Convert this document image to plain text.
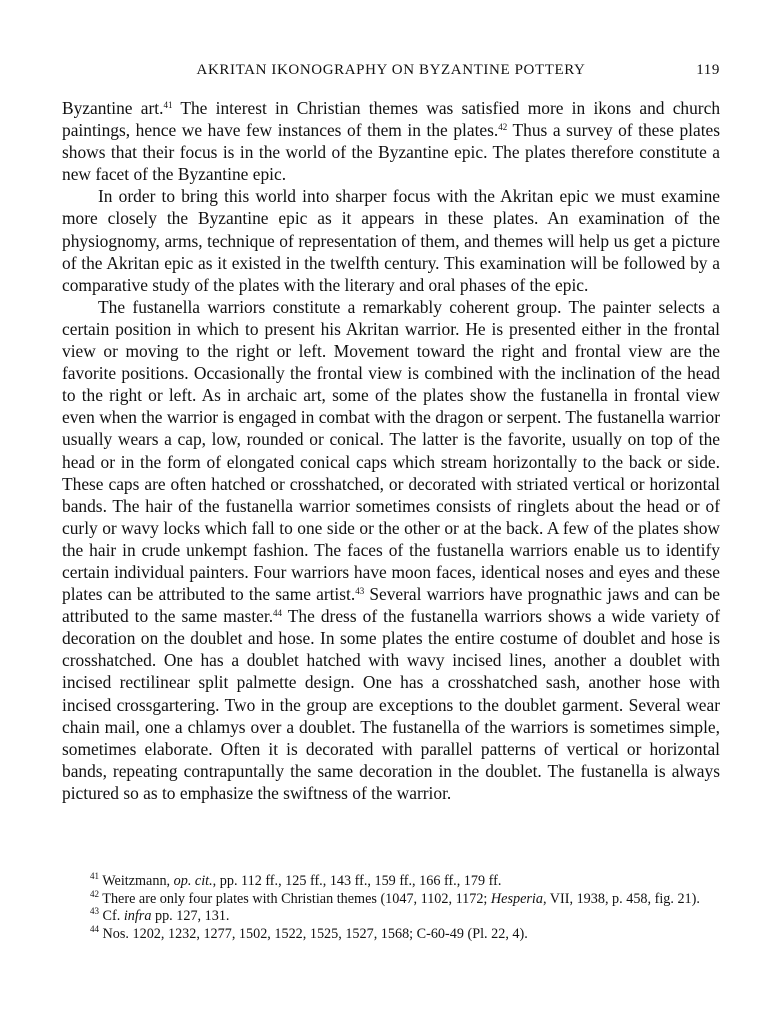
AKRITAN IKONOGRAPHY ON BYZANTINE POTTERY	119

Byzantine art.$^{41}$ The interest in Christian themes was satisfied more in ikons and church paintings, hence we have few instances of them in the plates.$^{42}$ Thus a survey of these plates shows that their focus is in the world of the Byzantine epic. The plates therefore constitute a new facet of the Byzantine epic.

In order to bring this world into sharper focus with the Akritan epic we must examine more closely the Byzantine epic as it appears in these plates. An examination of the physiognomy, arms, technique of representation of them, and themes will help us get a picture of the Akritan epic as it existed in the twelfth century. This examination will be followed by a comparative study of the plates with the literary and oral phases of the epic.

The fustanella warriors constitute a remarkably coherent group. The painter selects a certain position in which to present his Akritan warrior. He is presented either in the frontal view or moving to the right or left. Movement toward the right and frontal view are the favorite positions. Occasionally the frontal view is combined with the inclination of the head to the right or left. As in archaic art, some of the plates show the fustanella in frontal view even when the warrior is engaged in combat with the dragon or serpent. The fustanella warrior usually wears a cap, low, rounded or conical. The latter is the favorite, usually on top of the head or in the form of elongated conical caps which stream horizontally to the back or side. These caps are often hatched or crosshatched, or decorated with striated vertical or horizontal bands. The hair of the fustanella warrior sometimes consists of ringlets about the head or of curly or wavy locks which fall to one side or the other or at the back. A few of the plates show the hair in crude unkempt fashion. The faces of the fustanella warriors enable us to identify certain individual painters. Four warriors have moon faces, identical noses and eyes and these plates can be attributed to the same artist.$^{43}$ Several warriors have prognathic jaws and can be attributed to the same master.$^{44}$ The dress of the fustanella warriors shows a wide variety of decoration on the doublet and hose. In some plates the entire costume of doublet and hose is crosshatched. One has a doublet hatched with wavy incised lines, another a doublet with incised rectilinear split palmette design. One has a crosshatched sash, another hose with incised crossgartering. Two in the group are exceptions to the doublet garment. Several wear chain mail, one a chlamys over a doublet. The fustanella of the warriors is sometimes simple, sometimes elaborate. Often it is decorated with parallel patterns of vertical or horizontal bands, repeating contrapuntally the same decoration in the doublet. The fustanella is always pictured so as to emphasize the swiftness of the warrior.

$^{41}$ Weitzmann, op. cit., pp. 112 ff., 125 ff., 143 ff., 159 ff., 166 ff., 179 ff.

$^{42}$ There are only four plates with Christian themes (1047, 1102, 1172; Hesperia, VII, 1938, p. 458, fig. 21).

$^{43}$ Cf. infra pp. 127, 131.

$^{44}$ Nos. 1202, 1232, 1277, 1502, 1522, 1525, 1527, 1568; C-60-49 (Pl. 22, 4).
